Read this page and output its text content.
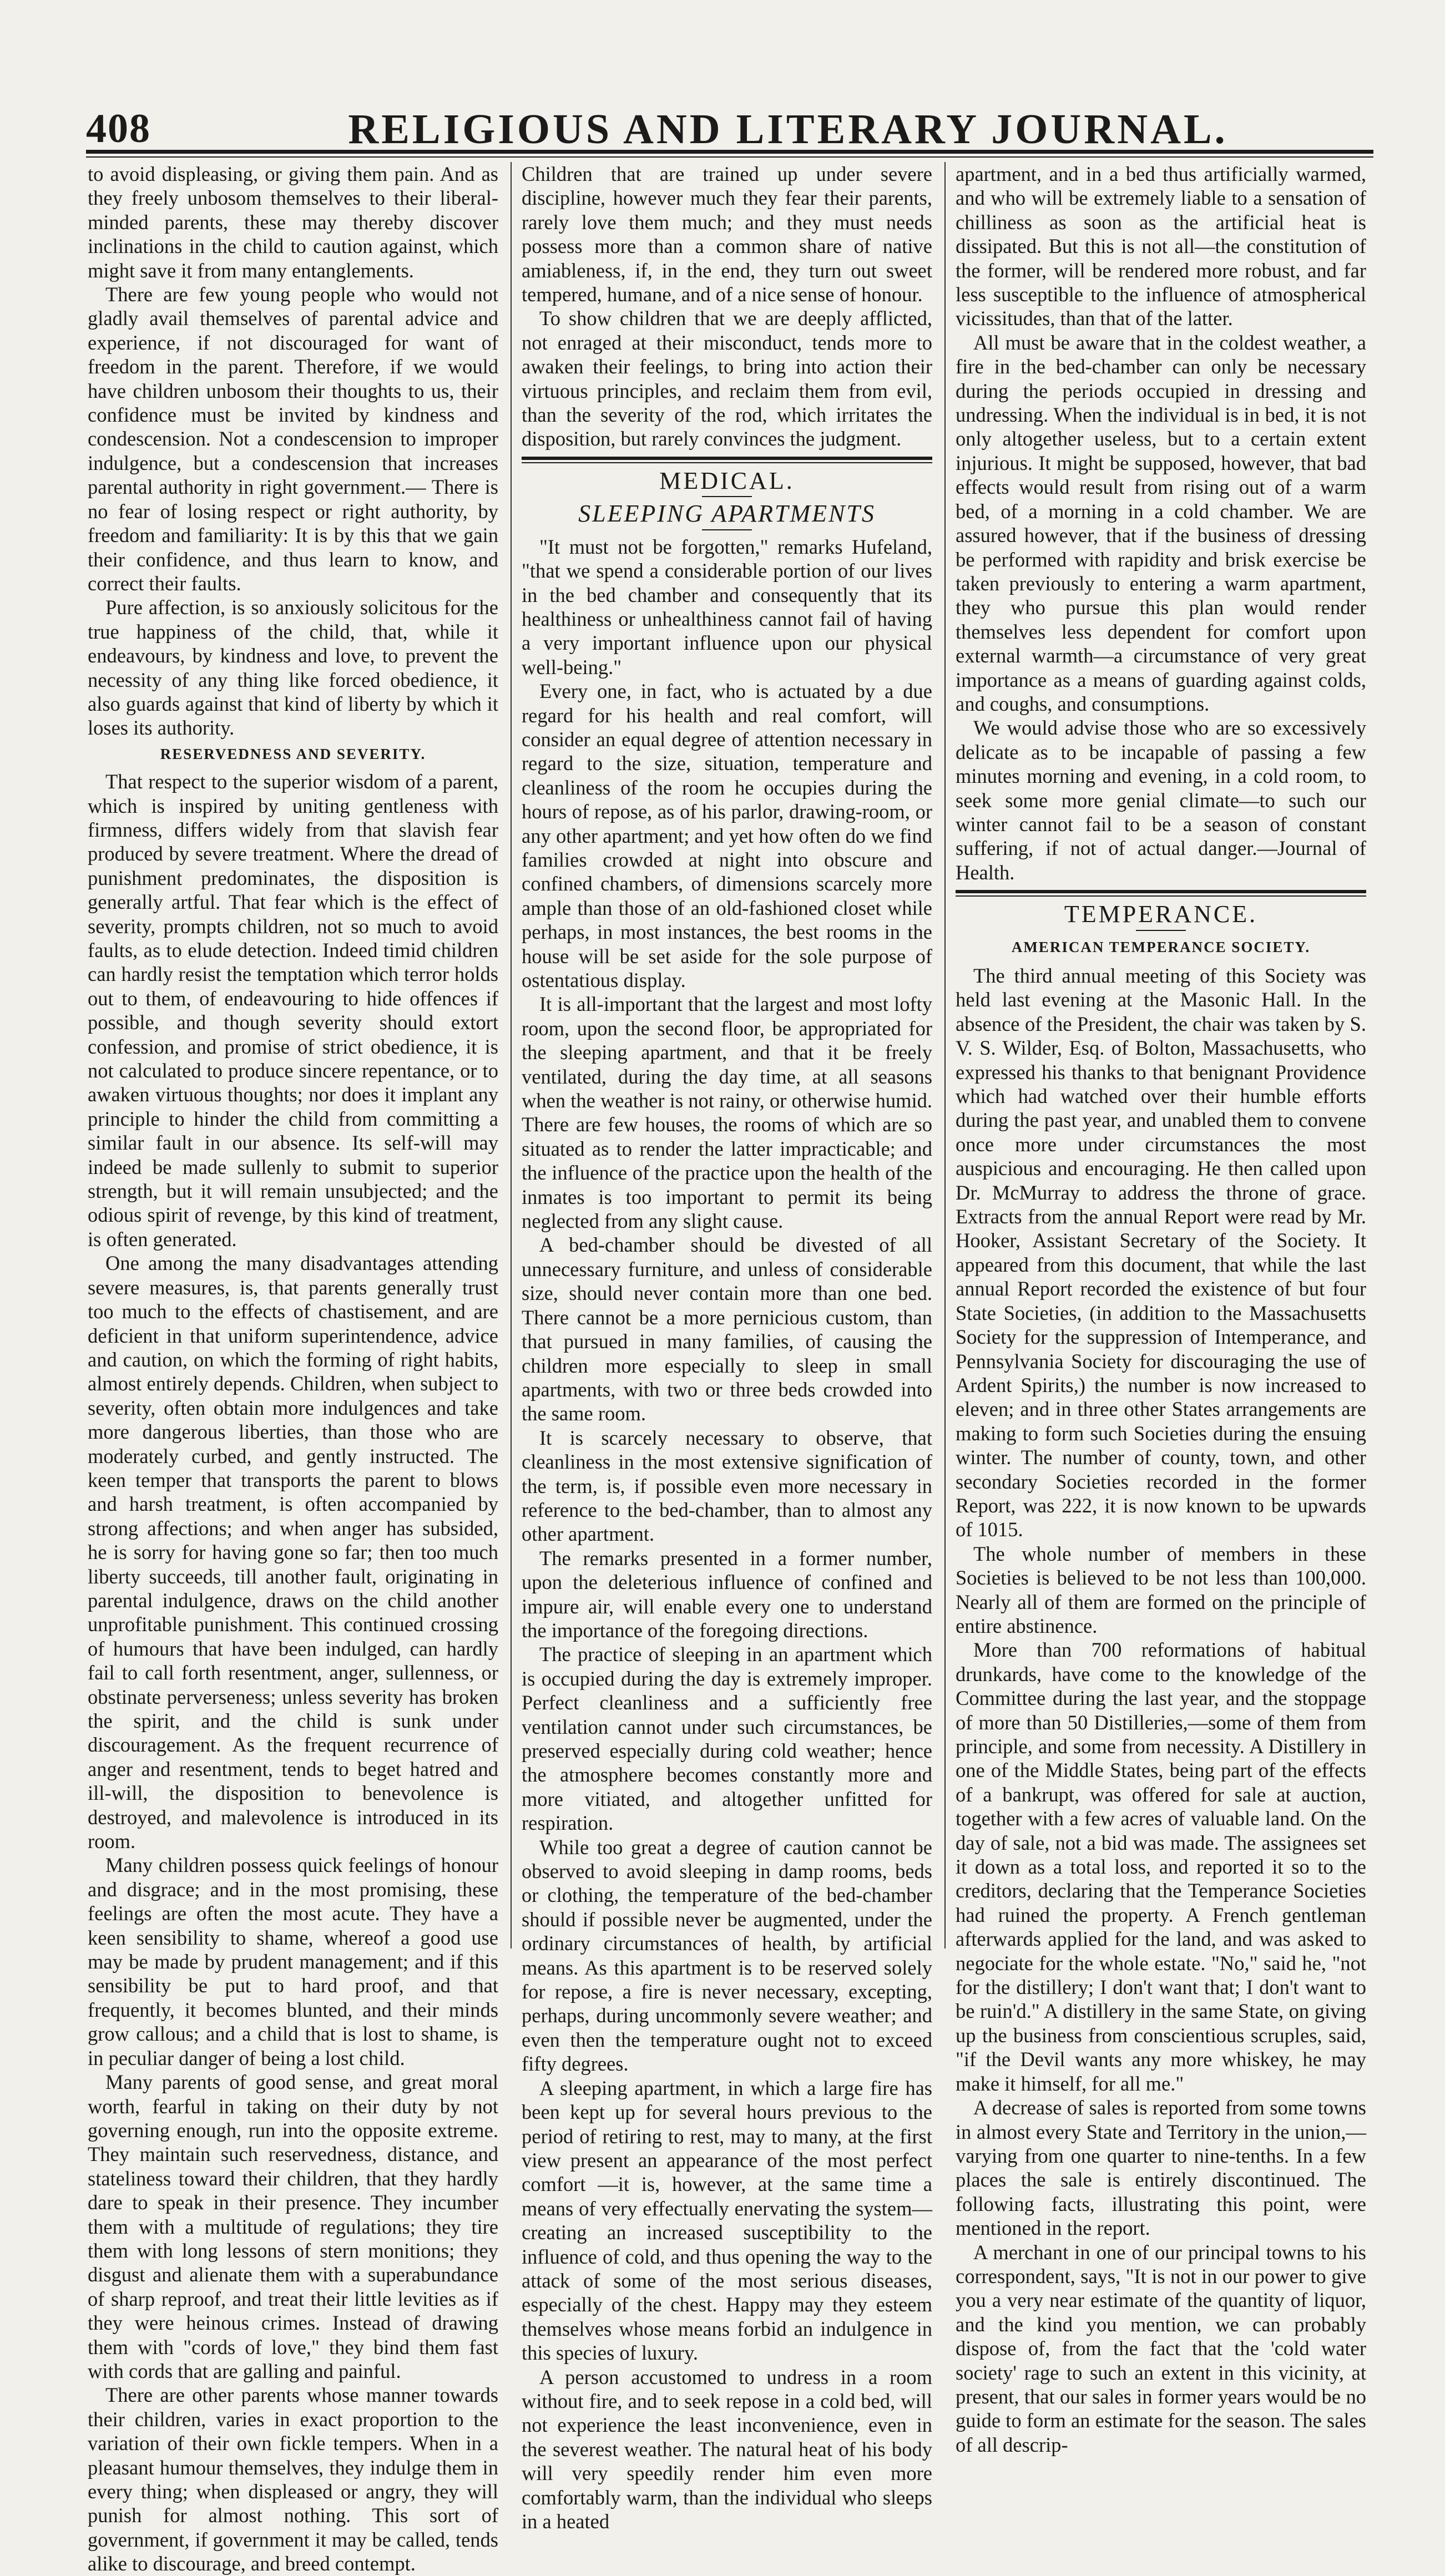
408	RELIGIOUS AND LITERARY JOURNAL.

to avoid displeasing, or giving them pain. And as they freely unbosom themselves to their liberal-minded parents, these may thereby discover inclinations in the child to caution against, which might save it from many entanglements.

There are few young people who would not gladly avail themselves of parental advice and experience, if not discouraged for want of freedom in the parent. Therefore, if we would have children unbosom their thoughts to us, their confidence must be invited by kindness and condescension. Not a condescension to improper indulgence, but a condescension that increases parental authority in right government.— There is no fear of losing respect or right authority, by freedom and familiarity: It is by this that we gain their confidence, and thus learn to know, and correct their faults.

Pure affection, is so anxiously solicitous for the true happiness of the child, that, while it endeavours, by kindness and love, to prevent the necessity of any thing like forced obedience, it also guards against that kind of liberty by which it loses its authority.

RESERVEDNESS AND SEVERITY.

That respect to the superior wisdom of a parent, which is inspired by uniting gentleness with firmness, differs widely from that slavish fear produced by severe treatment. Where the dread of punishment predominates, the disposition is generally artful. That fear which is the effect of severity, prompts children, not so much to avoid faults, as to elude detection. Indeed timid children can hardly resist the temptation which terror holds out to them, of endeavouring to hide offences if possible, and though severity should extort confession, and promise of strict obedience, it is not calculated to produce sincere repentance, or to awaken virtuous thoughts; nor does it implant any principle to hinder the child from committing a similar fault in our absence. Its self-will may indeed be made sullenly to submit to superior strength, but it will remain unsubjected; and the odious spirit of revenge, by this kind of treatment, is often generated.

One among the many disadvantages attending severe measures, is, that parents generally trust too much to the effects of chastisement, and are deficient in that uniform superintendence, advice and caution, on which the forming of right habits, almost entirely depends. Children, when subject to severity, often obtain more indulgences and take more dangerous liberties, than those who are moderately curbed, and gently instructed. The keen temper that transports the parent to blows and harsh treatment, is often accompanied by strong affections; and when anger has subsided, he is sorry for having gone so far; then too much liberty succeeds, till another fault, originating in parental indulgence, draws on the child another unprofitable punishment. This continued crossing of humours that have been indulged, can hardly fail to call forth resentment, anger, sullenness, or obstinate perverseness; unless severity has broken the spirit, and the child is sunk under discouragement. As the frequent recurrence of anger and resentment, tends to beget hatred and ill-will, the disposition to benevolence is destroyed, and malevolence is introduced in its room.

Many children possess quick feelings of honour and disgrace; and in the most promising, these feelings are often the most acute. They have a keen sensibility to shame, whereof a good use may be made by prudent management; and if this sensibility be put to hard proof, and that frequently, it becomes blunted, and their minds grow callous; and a child that is lost to shame, is in peculiar danger of being a lost child.

Many parents of good sense, and great moral worth, fearful in taking on their duty by not governing enough, run into the opposite extreme. They maintain such reservedness, distance, and stateliness toward their children, that they hardly dare to speak in their presence. They incumber them with a multitude of regulations; they tire them with long lessons of stern monitions; they disgust and alienate them with a superabundance of sharp reproof, and treat their little levities as if they were heinous crimes. Instead of drawing them with "cords of love," they bind them fast with cords that are galling and painful.

There are other parents whose manner towards their children, varies in exact proportion to the variation of their own fickle tempers. When in a pleasant humour themselves, they indulge them in every thing; when displeased or angry, they will punish for almost nothing. This sort of government, if government it may be called, tends alike to discourage, and breed contempt.

Children that are trained up under severe discipline, however much they fear their parents, rarely love them much; and they must needs possess more than a common share of native amiableness, if, in the end, they turn out sweet tempered, humane, and of a nice sense of honour.

To show children that we are deeply afflicted, not enraged at their misconduct, tends more to awaken their feelings, to bring into action their virtuous principles, and reclaim them from evil, than the severity of the rod, which irritates the disposition, but rarely convinces the judgment.

MEDICAL.
SLEEPING APARTMENTS

"It must not be forgotten," remarks Hufeland, "that we spend a considerable portion of our lives in the bed chamber and consequently that its healthiness or unhealthiness cannot fail of having a very important influence upon our physical well-being."

Every one, in fact, who is actuated by a due regard for his health and real comfort, will consider an equal degree of attention necessary in regard to the size, situation, temperature and cleanliness of the room he occupies during the hours of repose, as of his parlor, drawing-room, or any other apartment; and yet how often do we find families crowded at night into obscure and confined chambers, of dimensions scarcely more ample than those of an old-fashioned closet while perhaps, in most instances, the best rooms in the house will be set aside for the sole purpose of ostentatious display.

It is all-important that the largest and most lofty room, upon the second floor, be appropriated for the sleeping apartment, and that it be freely ventilated, during the day time, at all seasons when the weather is not rainy, or otherwise humid. There are few houses, the rooms of which are so situated as to render the latter impracticable; and the influence of the practice upon the health of the inmates is too important to permit its being neglected from any slight cause.

A bed-chamber should be divested of all unnecessary furniture, and unless of considerable size, should never contain more than one bed. There cannot be a more pernicious custom, than that pursued in many families, of causing the children more especially to sleep in small apartments, with two or three beds crowded into the same room.

It is scarcely necessary to observe, that cleanliness in the most extensive signification of the term, is, if possible even more necessary in reference to the bed-chamber, than to almost any other apartment.

The remarks presented in a former number, upon the deleterious influence of confined and impure air, will enable every one to understand the importance of the foregoing directions.

The practice of sleeping in an apartment which is occupied during the day is extremely improper. Perfect cleanliness and a sufficiently free ventilation cannot under such circumstances, be preserved especially during cold weather; hence the atmosphere becomes constantly more and more vitiated, and altogether unfitted for respiration.

While too great a degree of caution cannot be observed to avoid sleeping in damp rooms, beds or clothing, the temperature of the bed-chamber should if possible never be augmented, under the ordinary circumstances of health, by artificial means. As this apartment is to be reserved solely for repose, a fire is never necessary, excepting, perhaps, during uncommonly severe weather; and even then the temperature ought not to exceed fifty degrees.

A sleeping apartment, in which a large fire has been kept up for several hours previous to the period of retiring to rest, may to many, at the first view present an appearance of the most perfect comfort —it is, however, at the same time a means of very effectually enervating the system—creating an increased susceptibility to the influence of cold, and thus opening the way to the attack of some of the most serious diseases, especially of the chest. Happy may they esteem themselves whose means forbid an indulgence in this species of luxury.

A person accustomed to undress in a room without fire, and to seek repose in a cold bed, will not experience the least inconvenience, even in the severest weather. The natural heat of his body will very speedily render him even more comfortably warm, than the individual who sleeps in a heated

apartment, and in a bed thus artificially warmed, and who will be extremely liable to a sensation of chilliness as soon as the artificial heat is dissipated. But this is not all—the constitution of the former, will be rendered more robust, and far less susceptible to the influence of atmospherical vicissitudes, than that of the latter.

All must be aware that in the coldest weather, a fire in the bed-chamber can only be necessary during the periods occupied in dressing and undressing. When the individual is in bed, it is not only altogether useless, but to a certain extent injurious. It might be supposed, however, that bad effects would result from rising out of a warm bed, of a morning in a cold chamber. We are assured however, that if the business of dressing be performed with rapidity and brisk exercise be taken previously to entering a warm apartment, they who pursue this plan would render themselves less dependent for comfort upon external warmth—a circumstance of very great importance as a means of guarding against colds, and coughs, and consumptions.

We would advise those who are so excessively delicate as to be incapable of passing a few minutes morning and evening, in a cold room, to seek some more genial climate—to such our winter cannot fail to be a season of constant suffering, if not of actual danger.—Journal of Health.

TEMPERANCE.
AMERICAN TEMPERANCE SOCIETY.

The third annual meeting of this Society was held last evening at the Masonic Hall. In the absence of the President, the chair was taken by S. V. S. Wilder, Esq. of Bolton, Massachusetts, who expressed his thanks to that benignant Providence which had watched over their humble efforts during the past year, and unabled them to convene once more under circumstances the most auspicious and encouraging. He then called upon Dr. McMurray to address the throne of grace. Extracts from the annual Report were read by Mr. Hooker, Assistant Secretary of the Society. It appeared from this document, that while the last annual Report recorded the existence of but four State Societies, (in addition to the Massachusetts Society for the suppression of Intemperance, and Pennsylvania Society for discouraging the use of Ardent Spirits,) the number is now increased to eleven; and in three other States arrangements are making to form such Societies during the ensuing winter. The number of county, town, and other secondary Societies recorded in the former Report, was 222, it is now known to be upwards of 1015.

The whole number of members in these Societies is believed to be not less than 100,000. Nearly all of them are formed on the principle of entire abstinence.

More than 700 reformations of habitual drunkards, have come to the knowledge of the Committee during the last year, and the stoppage of more than 50 Distilleries,—some of them from principle, and some from necessity. A Distillery in one of the Middle States, being part of the effects of a bankrupt, was offered for sale at auction, together with a few acres of valuable land. On the day of sale, not a bid was made. The assignees set it down as a total loss, and reported it so to the creditors, declaring that the Temperance Societies had ruined the property. A French gentleman afterwards applied for the land, and was asked to negociate for the whole estate. "No," said he, "not for the distillery; I don't want that; I don't want to be ruin'd." A distillery in the same State, on giving up the business from conscientious scruples, said, "if the Devil wants any more whiskey, he may make it himself, for all me."

A decrease of sales is reported from some towns in almost every State and Territory in the union,— varying from one quarter to nine-tenths. In a few places the sale is entirely discontinued. The following facts, illustrating this point, were mentioned in the report.

A merchant in one of our principal towns to his correspondent, says, "It is not in our power to give you a very near estimate of the quantity of liquor, and the kind you mention, we can probably dispose of, from the fact that the 'cold water society' rage to such an extent in this vicinity, at present, that our sales in former years would be no guide to form an estimate for the season. The sales of all descrip-
